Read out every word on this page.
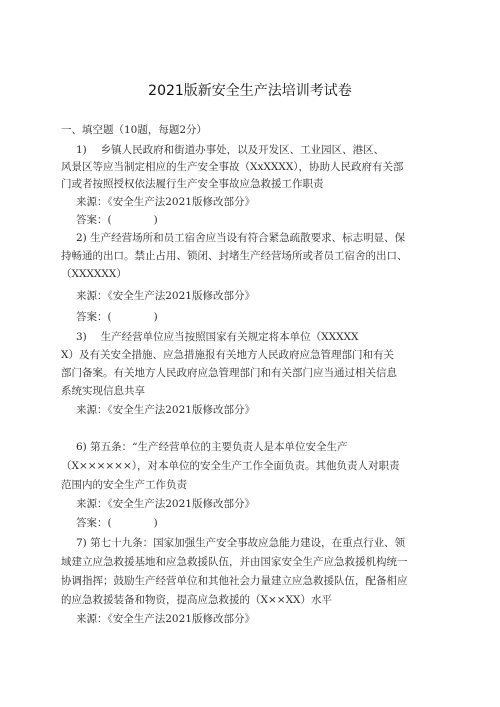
2021版新安全生产法培训考试卷
一、填空题（10题，每题2分）
1)　 乡镇人民政府和街道办事处，以及开发区、工业园区、港区、
风景区等应当制定相应的生产安全事故（XxXXXX），协助人民政府有关部
门或者按照授权依法履行生产安全事故应急救援工作职责
来源：《安全生产法2021版修改部分》
答案：(　　　　)
2) 生产经营场所和员工宿舍应当设有符合紧急疏散要求、标志明显、保
持畅通的出口。禁止占用、锁闭、封堵生产经营场所或者员工宿舍的出口、
（XXXXXX）
来源：《安全生产法2021版修改部分》
答案：(　　　　)
3)　 生产经营单位应当按照国家有关规定将本单位（XXXXX
X）及有关安全措施、应急措施报有关地方人民政府应急管理部门和有关
部门备案。有关地方人民政府应急管理部门和有关部门应当通过相关信息
系统实现信息共享
来源：《安全生产法2021版修改部分》
6) 第五条：“生产经营单位的主要负责人是本单位安全生产
（X××××××），对本单位的安全生产工作全面负责。其他负责人对职责
范围内的安全生产工作负责
来源：《安全生产法2021版修改部分》
答案：(　　　　)
7) 第七十九条：国家加强生产安全事故应急能力建设，在重点行业、领
域建立应急救援基地和应急救援队伍，并由国家安全生产应急救援机构统一
协调指挥；鼓励生产经营单位和其他社会力量建立应急救援队伍，配备相应
的应急救援装备和物资，提高应急救援的（X××XX）水平
来源：《安全生产法2021版修改部分》
